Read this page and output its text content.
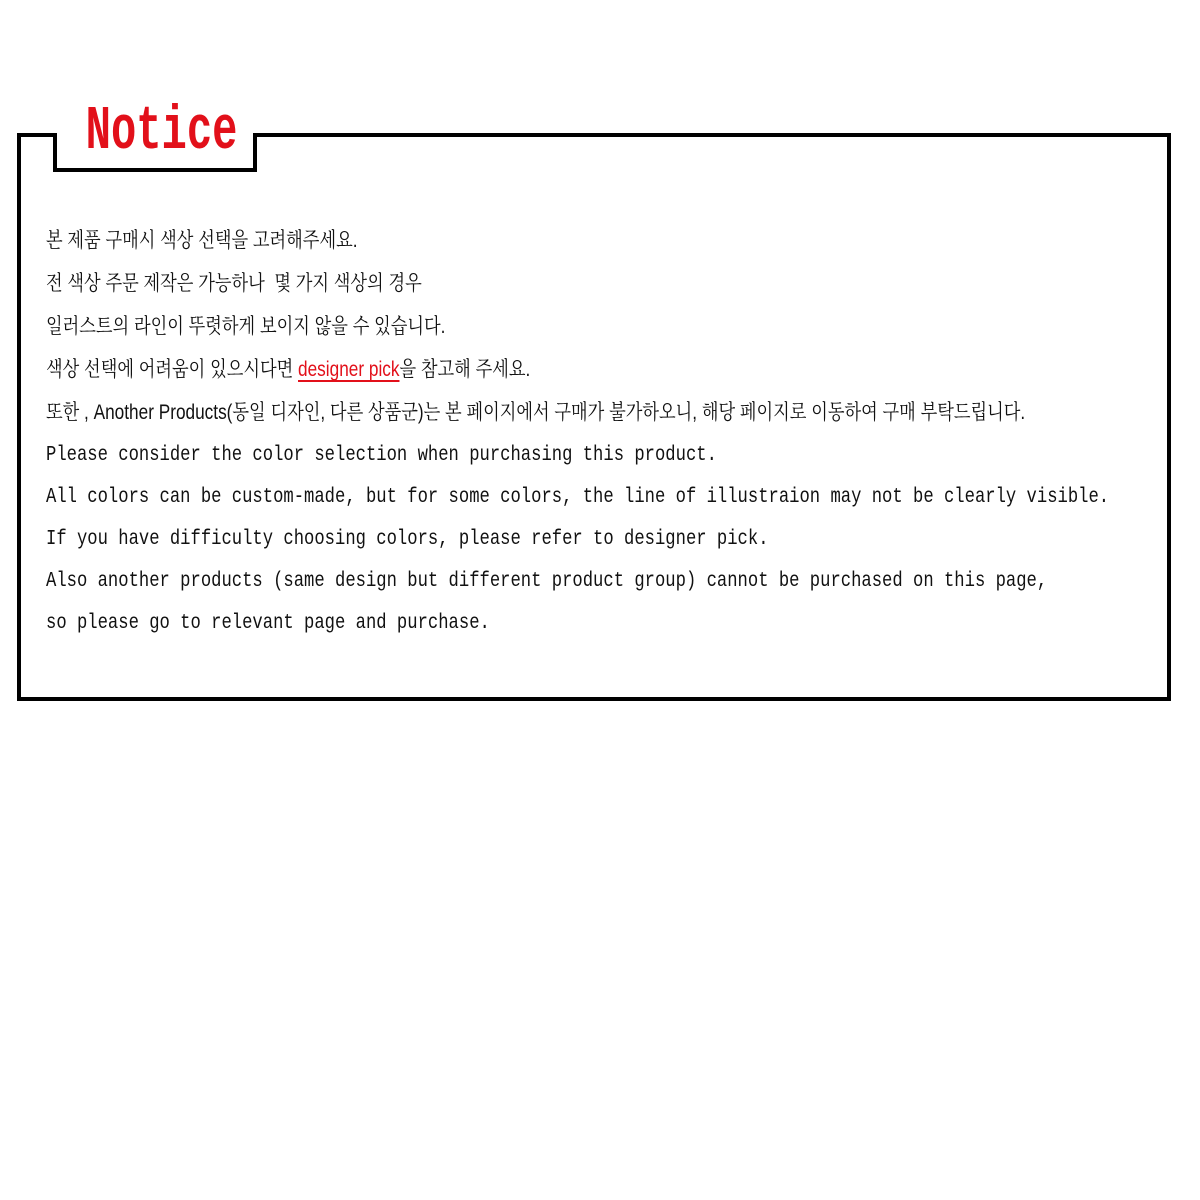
Notice

본 제품 구매시 색상 선택을 고려해주세요.

전 색상 주문 제작은 가능하나  몇 가지 색상의 경우

일러스트의 라인이 뚜렷하게 보이지 않을 수 있습니다.

색상 선택에 어려움이 있으시다면 designer pick을 참고해 주세요.

또한 , Another Products(동일 디자인, 다른 상품군)는 본 페이지에서 구매가 불가하오니, 해당 페이지로 이동하여 구매 부탁드립니다.

Please consider the color selection when purchasing this product.

All colors can be custom-made, but for some colors, the line of illustraion may not be clearly visible.

If you have difficulty choosing colors, please refer to designer pick.

Also another products (same design but different product group) cannot be purchased on this page,

so please go to relevant page and purchase.
